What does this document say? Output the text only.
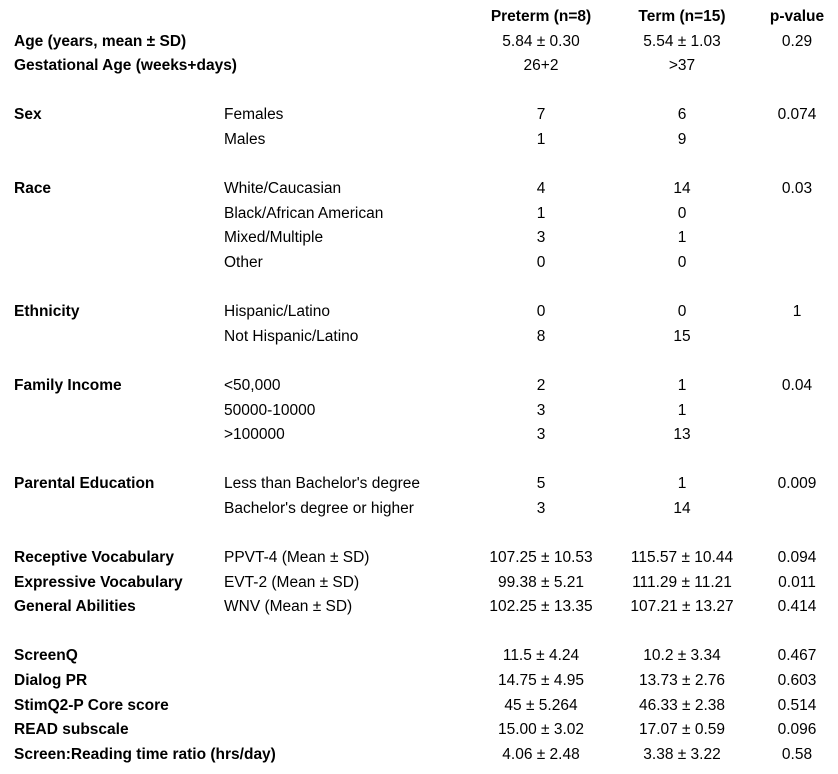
Preterm (n=8)	Term (n=15)	p-value
Age (years, mean ± SD)	5.84 ± 0.30	5.54 ± 1.03	0.29
Gestational Age (weeks+days)	26+2	>37
Sex	Females	7	6	0.074
Males	1	9
Race	White/Caucasian	4	14	0.03
Black/African American	1	0
Mixed/Multiple	3	1
Other	0	0
Ethnicity	Hispanic/Latino	0	0	1
Not Hispanic/Latino	8	15
Family Income	<50,000	2	1	0.04
50000-10000	3	1
>100000	3	13
Parental Education	Less than Bachelor's degree	5	1	0.009
Bachelor's degree or higher	3	14
Receptive Vocabulary	PPVT-4 (Mean ± SD)	107.25 ± 10.53	115.57 ± 10.44	0.094
Expressive Vocabulary	EVT-2 (Mean ± SD)	99.38 ± 5.21	111.29 ± 11.21	0.011
General Abilities	WNV (Mean ± SD)	102.25 ± 13.35	107.21 ± 13.27	0.414
ScreenQ	11.5 ± 4.24	10.2 ± 3.34	0.467
Dialog PR	14.75 ± 4.95	13.73 ± 2.76	0.603
StimQ2-P Core score	45 ± 5.264	46.33 ± 2.38	0.514
READ subscale	15.00 ± 3.02	17.07 ± 0.59	0.096
Screen:Reading time ratio (hrs/day)	4.06 ± 2.48	3.38 ± 3.22	0.58
